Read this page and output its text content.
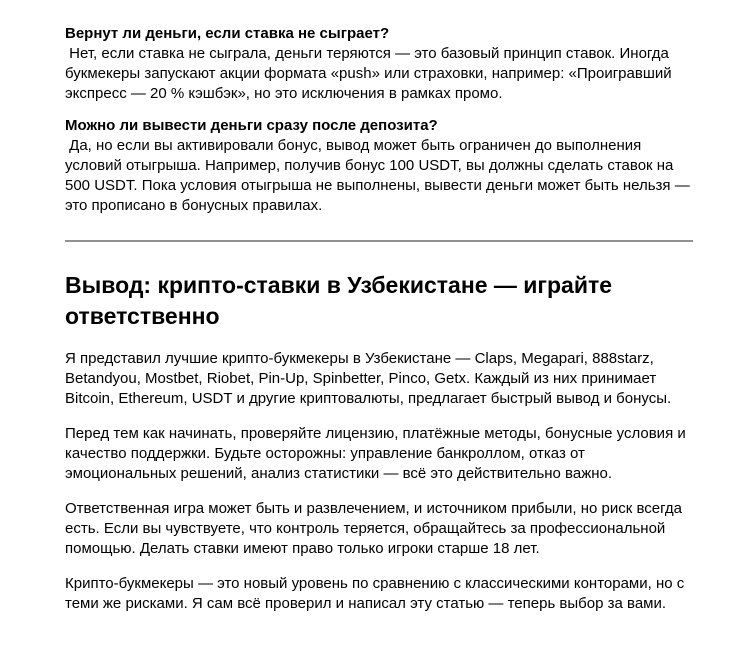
Вернут ли деньги, если ставка не сыграет?

Нет, если ставка не сыграла, деньги теряются — это базовый принцип ставок. Иногда букмекеры запускают акции формата «push» или страховки, например: «Проигравший экспресс — 20 % кэшбэк», но это исключения в рамках промо.

Можно ли вывести деньги сразу после депозита?

Да, но если вы активировали бонус, вывод может быть ограничен до выполнения условий отыгрыша. Например, получив бонус 100 USDT, вы должны сделать ставок на 500 USDT. Пока условия отыгрыша не выполнены, вывести деньги может быть нельзя — это прописано в бонусных правилах.

Вывод: крипто-ставки в Узбекистане — играйте ответственно

Я представил лучшие крипто-букмекеры в Узбекистане — Claps, Megapari, 888starz, Betandyou, Mostbet, Riobet, Pin-Up, Spinbetter, Pinco, Getx. Каждый из них принимает Bitcoin, Ethereum, USDT и другие криптовалюты, предлагает быстрый вывод и бонусы.

Перед тем как начинать, проверяйте лицензию, платёжные методы, бонусные условия и качество поддержки. Будьте осторожны: управление банкроллом, отказ от эмоциональных решений, анализ статистики — всё это действительно важно.

Ответственная игра может быть и развлечением, и источником прибыли, но риск всегда есть. Если вы чувствуете, что контроль теряется, обращайтесь за профессиональной помощью. Делать ставки имеют право только игроки старше 18 лет.

Крипто-букмекеры — это новый уровень по сравнению с классическими конторами, но с теми же рисками. Я сам всё проверил и написал эту статью — теперь выбор за вами.
